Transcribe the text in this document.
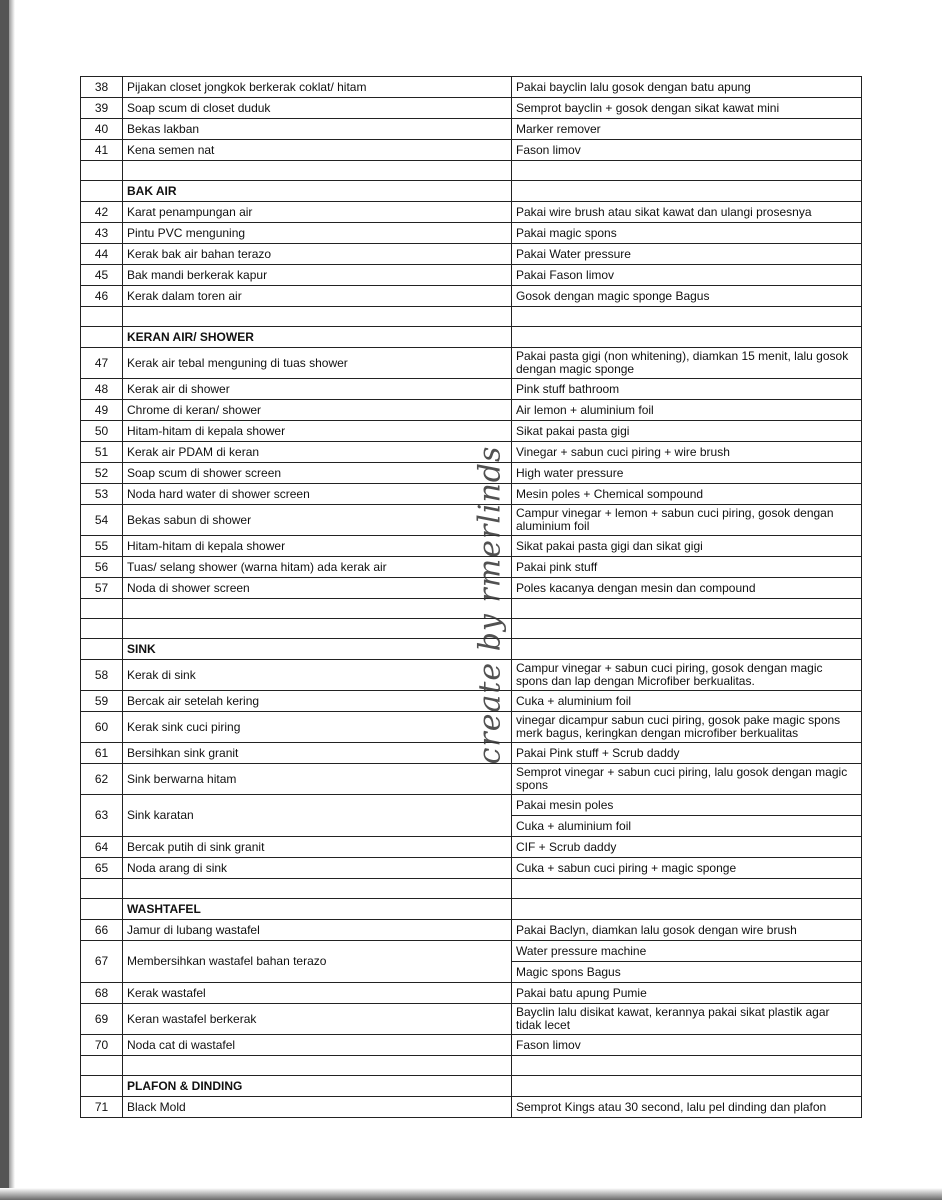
38	Pijakan closet jongkok berkerak coklat/ hitam	Pakai bayclin lalu gosok dengan batu apung
39	Soap scum di closet duduk	Semprot bayclin + gosok dengan sikat kawat mini
40	Bekas lakban	Marker remover
41	Kena semen nat	Fason limov

	BAK AIR	
42	Karat penampungan air	Pakai wire brush atau sikat kawat dan ulangi prosesnya
43	Pintu PVC menguning	Pakai magic spons
44	Kerak bak air bahan terazo	Pakai Water pressure
45	Bak mandi berkerak kapur	Pakai Fason limov
46	Kerak dalam toren air	Gosok dengan magic sponge Bagus

	KERAN AIR/ SHOWER	
47	Kerak air tebal menguning di tuas shower	Pakai pasta gigi (non whitening), diamkan 15 menit, lalu gosok dengan magic sponge
48	Kerak air di shower	Pink stuff bathroom
49	Chrome di keran/ shower	Air lemon + aluminium foil
50	Hitam-hitam di kepala shower	Sikat pakai pasta gigi
51	Kerak air PDAM di keran	Vinegar + sabun cuci piring + wire brush
52	Soap scum di shower screen	High water pressure
53	Noda hard water di shower screen	Mesin poles + Chemical sompound
54	Bekas sabun di shower	Campur vinegar + lemon + sabun cuci piring, gosok dengan aluminium foil
55	Hitam-hitam di kepala shower	Sikat pakai pasta gigi dan sikat gigi
56	Tuas/ selang shower (warna hitam) ada kerak air	Pakai pink stuff
57	Noda di shower screen	Poles kacanya dengan mesin dan compound

	SINK	
58	Kerak di sink	Campur vinegar + sabun cuci piring, gosok dengan magic spons dan lap dengan Microfiber berkualitas.
59	Bercak air setelah kering	Cuka + aluminium foil
60	Kerak sink cuci piring	vinegar dicampur sabun cuci piring, gosok pake magic spons merk bagus, keringkan dengan microfiber berkualitas
61	Bersihkan sink granit	Pakai Pink stuff + Scrub daddy
62	Sink berwarna hitam	Semprot vinegar + sabun cuci piring, lalu gosok dengan magic spons
63	Sink karatan	Pakai mesin poles
		Cuka + aluminium foil
64	Bercak putih di sink granit	CIF + Scrub daddy
65	Noda arang di sink	Cuka + sabun cuci piring + magic sponge

	WASHTAFEL	
66	Jamur di lubang wastafel	Pakai Baclyn, diamkan lalu gosok dengan wire brush
67	Membersihkan wastafel bahan terazo	Water pressure machine
		Magic spons Bagus
68	Kerak wastafel	Pakai batu apung Pumie
69	Keran wastafel berkerak	Bayclin lalu disikat kawat, kerannya pakai sikat plastik agar tidak lecet
70	Noda cat di wastafel	Fason limov

	PLAFON & DINDING	
71	Black Mold	Semprot Kings atau 30 second, lalu pel dinding dan plafon
create by rmerlinds
